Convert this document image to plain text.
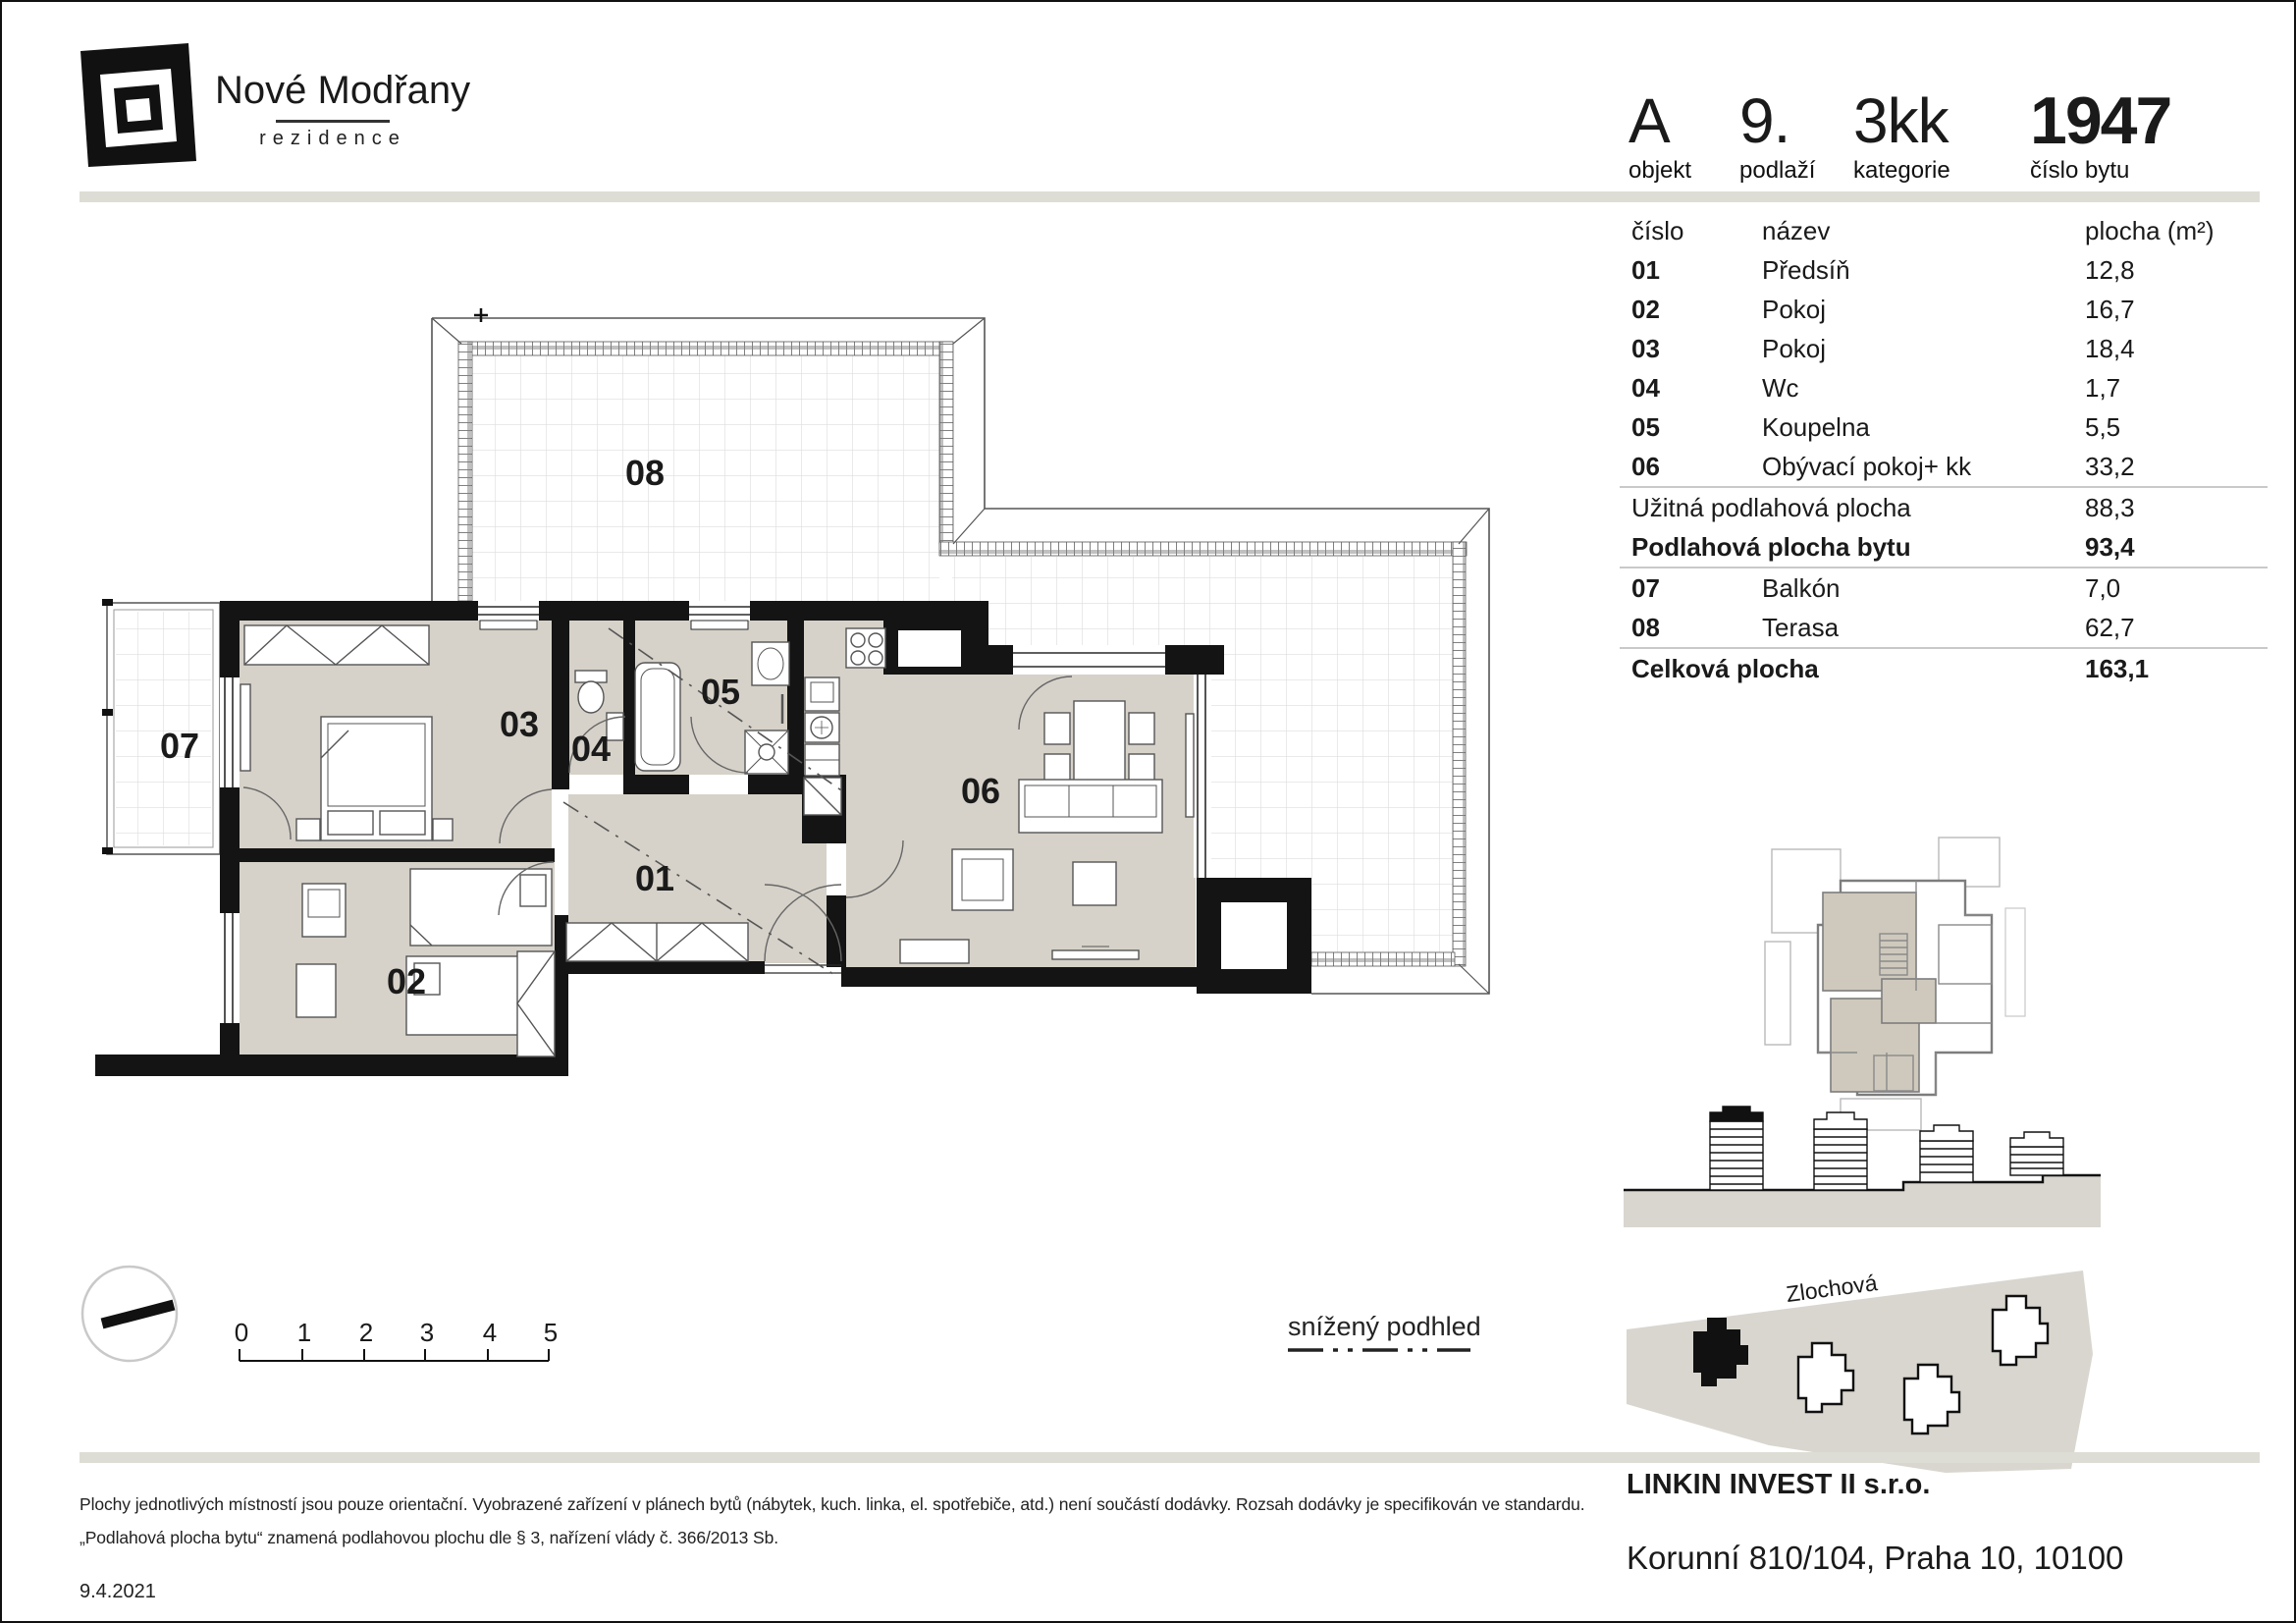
Nové Modřany
rezidence	A
objekt
9.
podlaží
3kk
kategorie
1947
číslo bytu
číslo	název	plocha (m²)
01	Předsíň	12,8
02	Pokoj	16,7
03	Pokoj	18,4
04	Wc	1,7
05	Koupelna	5,5
06	Obývací pokoj+ kk	33,2
Užitná podlahová plocha	88,3
Podlahová plocha bytu	93,4
07	Balkón	7,0
08	Terasa	62,7
Celková plocha	163,1
01
02
03
04
05
06
07
08
0 1 2 3 4 5	snížený podhled
Zlochová
Plochy jednotlivých místností jsou pouze orientační. Vyobrazené zařízení v plánech bytů (nábytek, kuch. linka, el. spotřebiče, atd.) není součástí dodávky. Rozsah dodávky je specifikován ve standardu.
„Podlahová plocha bytu“ znamená podlahovou plochu dle § 3, nařízení vlády č. 366/2013 Sb.
9.4.2021
LINKIN INVEST II s.r.o.
Korunní 810/104, Praha 10, 10100
